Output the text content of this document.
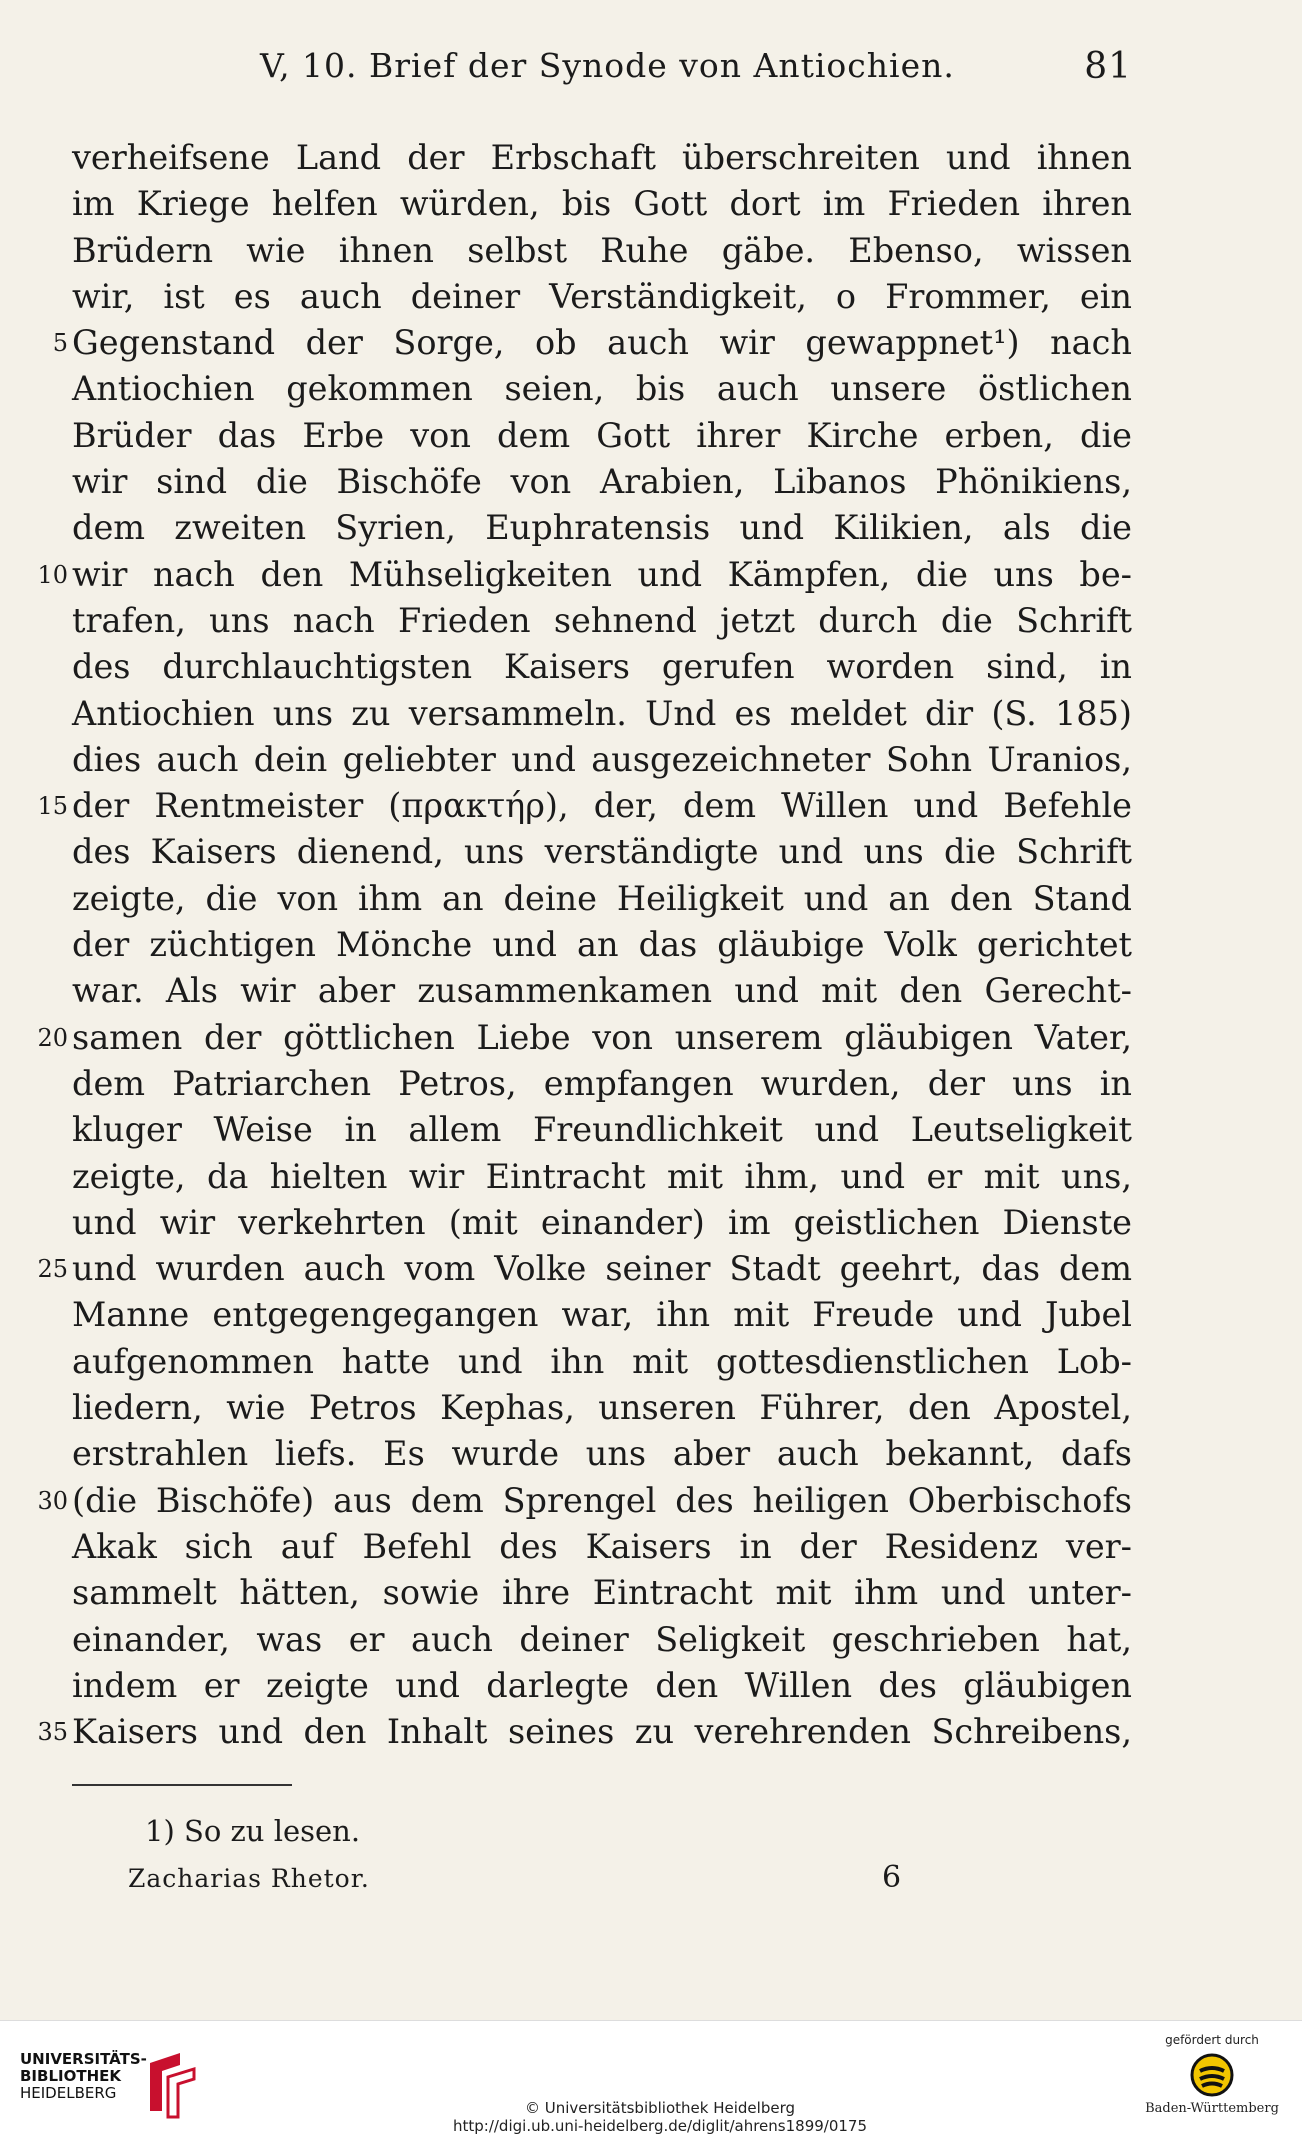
V, 10. Brief der Synode von Antiochien.	81
verheifsene Land der Erbschaft überschreiten und ihnen
im Kriege helfen würden, bis Gott dort im Frieden ihren
Brüdern wie ihnen selbst Ruhe gäbe. Ebenso, wissen
wir, ist es auch deiner Verständigkeit, o Frommer, ein
5 Gegenstand der Sorge, ob auch wir gewappnet¹) nach
Antiochien gekommen seien, bis auch unsere östlichen
Brüder das Erbe von dem Gott ihrer Kirche erben, die
wir sind die Bischöfe von Arabien, Libanos Phönikiens,
dem zweiten Syrien, Euphratensis und Kilikien, als die
10 wir nach den Mühseligkeiten und Kämpfen, die uns be-
trafen, uns nach Frieden sehnend jetzt durch die Schrift
des durchlauchtigsten Kaisers gerufen worden sind, in
Antiochien uns zu versammeln. Und es meldet dir (S. 185)
dies auch dein geliebter und ausgezeichneter Sohn Uranios,
15 der Rentmeister (πρακτήρ), der, dem Willen und Befehle
des Kaisers dienend, uns verständigte und uns die Schrift
zeigte, die von ihm an deine Heiligkeit und an den Stand
der züchtigen Mönche und an das gläubige Volk gerichtet
war. Als wir aber zusammenkamen und mit den Gerecht-
20 samen der göttlichen Liebe von unserem gläubigen Vater,
dem Patriarchen Petros, empfangen wurden, der uns in
kluger Weise in allem Freundlichkeit und Leutseligkeit
zeigte, da hielten wir Eintracht mit ihm, und er mit uns,
und wir verkehrten (mit einander) im geistlichen Dienste
25 und wurden auch vom Volke seiner Stadt geehrt, das dem
Manne entgegengegangen war, ihn mit Freude und Jubel
aufgenommen hatte und ihn mit gottesdienstlichen Lob-
liedern, wie Petros Kephas, unseren Führer, den Apostel,
erstrahlen liefs. Es wurde uns aber auch bekannt, dafs
30 (die Bischöfe) aus dem Sprengel des heiligen Oberbischofs
Akak sich auf Befehl des Kaisers in der Residenz ver-
sammelt hätten, sowie ihre Eintracht mit ihm und unter-
einander, was er auch deiner Seligkeit geschrieben hat,
indem er zeigte und darlegte den Willen des gläubigen
35 Kaisers und den Inhalt seines zu verehrenden Schreibens,
1) So zu lesen.
Zacharias Rhetor.	6
UNIVERSITÄTS-
BIBLIOTHEK
HEIDELBERG
© Universitätsbibliothek Heidelberg
http://digi.ub.uni-heidelberg.de/diglit/ahrens1899/0175
gefördert durch
Baden-Württemberg
